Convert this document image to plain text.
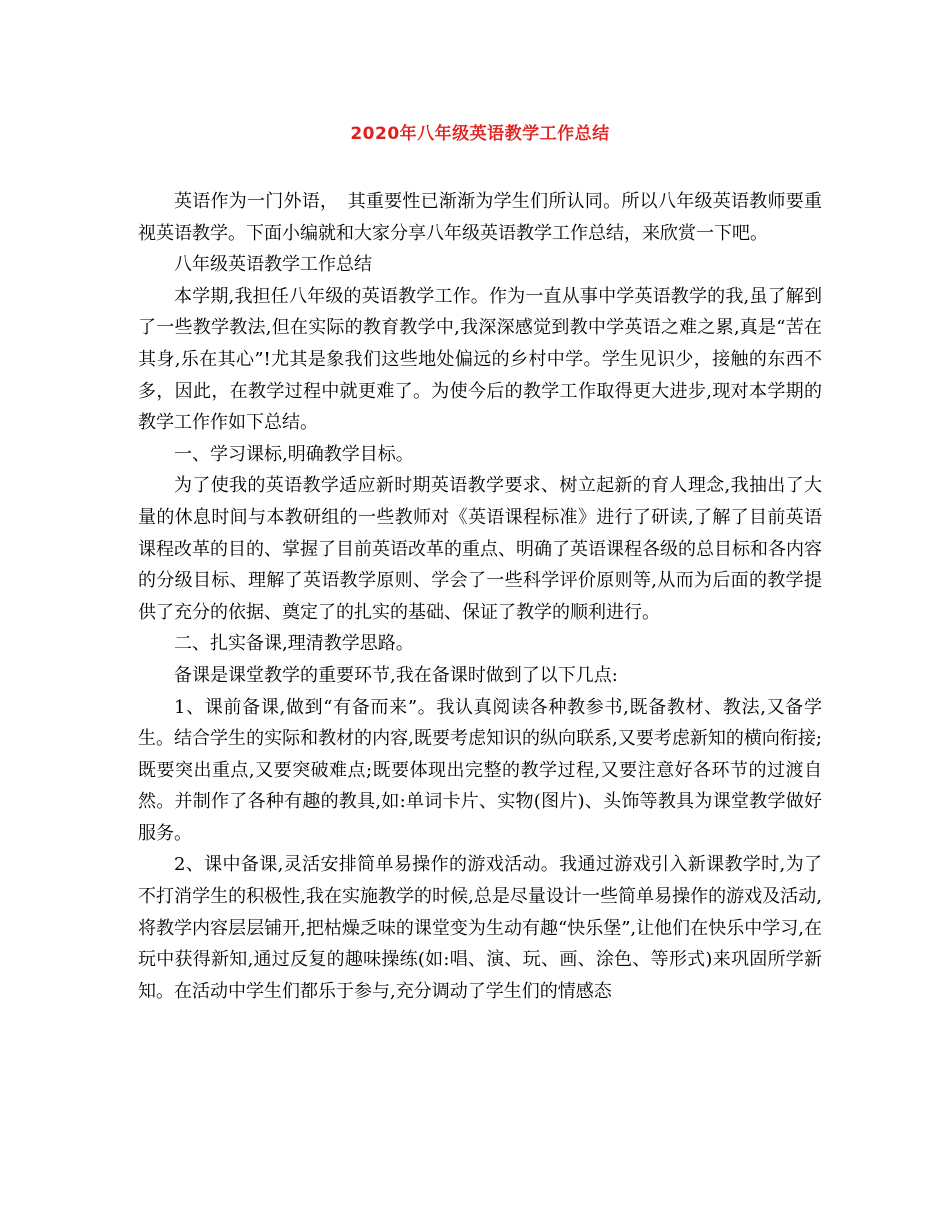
2020年八年级英语教学工作总结

英语作为一门外语，　其重要性已渐渐为学生们所认同。所以八年级英语教师要重视英语教学。下面小编就和大家分享八年级英语教学工作总结，来欣赏一下吧。

八年级英语教学工作总结

本学期,我担任八年级的英语教学工作。作为一直从事中学英语教学的我,虽了解到了一些教学教法,但在实际的教育教学中,我深深感觉到教中学英语之难之累,真是“苦在其身,乐在其心”!尤其是象我们这些地处偏远的乡村中学。学生见识少，接触的东西不多，因此，在教学过程中就更难了。为使今后的教学工作取得更大进步,现对本学期的教学工作作如下总结。

一、学习课标,明确教学目标。

为了使我的英语教学适应新时期英语教学要求、树立起新的育人理念,我抽出了大量的休息时间与本教研组的一些教师对《英语课程标准》进行了研读,了解了目前英语课程改革的目的、掌握了目前英语改革的重点、明确了英语课程各级的总目标和各内容的分级目标、理解了英语教学原则、学会了一些科学评价原则等,从而为后面的教学提供了充分的依据、奠定了的扎实的基础、保证了教学的顺利进行。

二、扎实备课,理清教学思路。

备课是课堂教学的重要环节,我在备课时做到了以下几点:

1、课前备课,做到“有备而来”。我认真阅读各种教参书,既备教材、教法,又备学生。结合学生的实际和教材的内容,既要考虑知识的纵向联系,又要考虑新知的横向衔接;既要突出重点,又要突破难点;既要体现出完整的教学过程,又要注意好各环节的过渡自然。并制作了各种有趣的教具,如:单词卡片、实物(图片)、头饰等教具为课堂教学做好服务。

2、课中备课,灵活安排简单易操作的游戏活动。我通过游戏引入新课教学时,为了不打消学生的积极性,我在实施教学的时候,总是尽量设计一些简单易操作的游戏及活动,将教学内容层层铺开,把枯燥乏味的课堂变为生动有趣“快乐堡”,让他们在快乐中学习,在玩中获得新知,通过反复的趣味操练(如:唱、演、玩、画、涂色、等形式)来巩固所学新知。在活动中学生们都乐于参与,充分调动了学生们的情感态
